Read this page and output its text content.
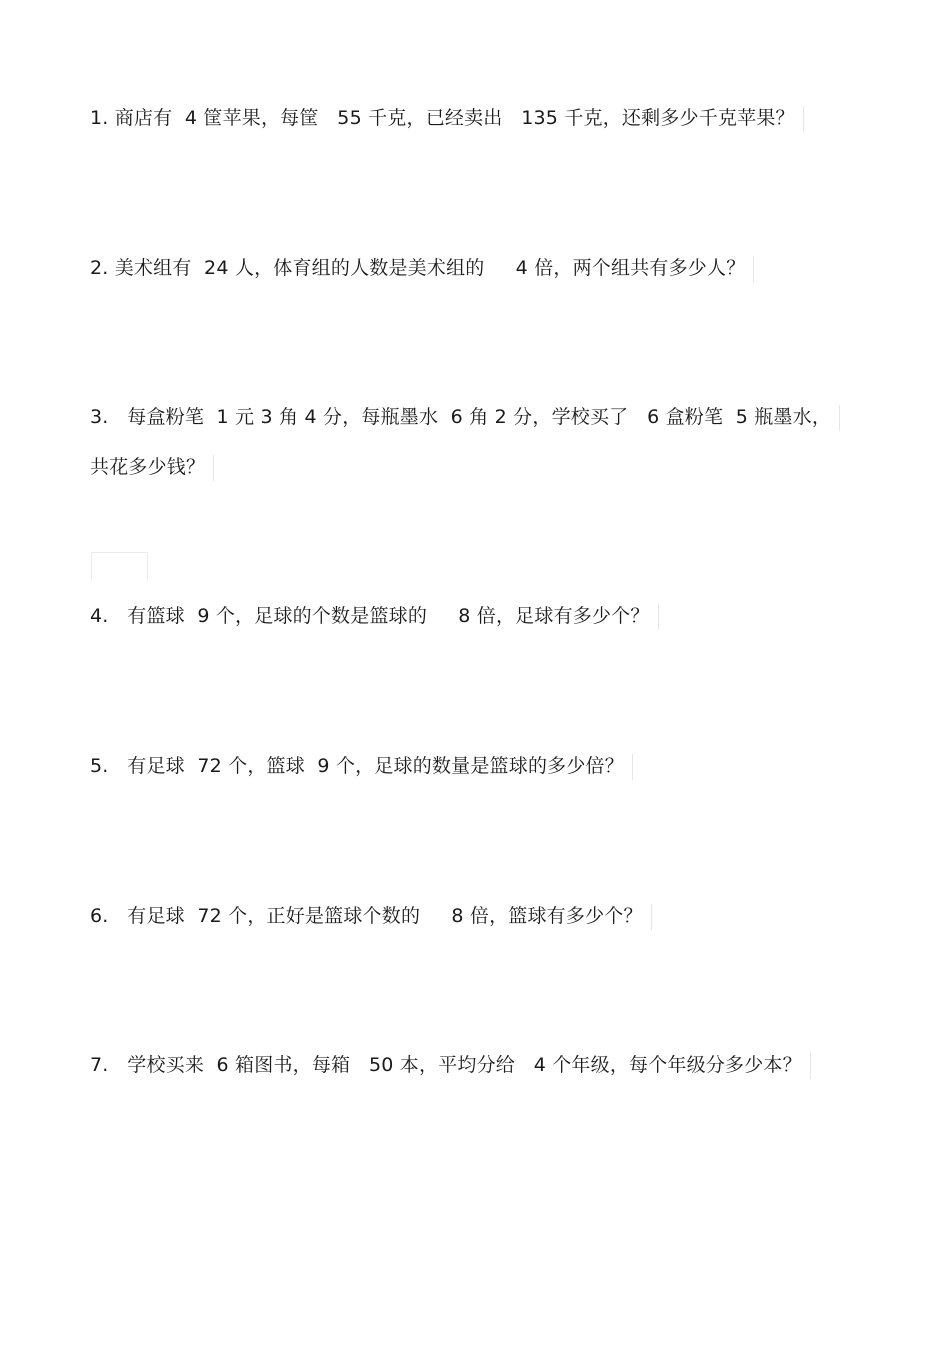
1. 商店有  4 筐苹果，每筐   55 千克，已经卖出   135 千克，还剩多少千克苹果？
2. 美术组有  24 人，体育组的人数是美术组的     4 倍，两个组共有多少人？
3.   每盒粉笔  1 元 3 角 4 分，每瓶墨水  6 角 2 分，学校买了   6 盒粉笔  5 瓶墨水，
共花多少钱？
4.   有篮球  9 个，足球的个数是篮球的     8 倍，足球有多少个？
5.   有足球  72 个，篮球  9 个，足球的数量是篮球的多少倍？
6.   有足球  72 个，正好是篮球个数的     8 倍，篮球有多少个？
7.   学校买来  6 箱图书，每箱   50 本，平均分给   4 个年级，每个年级分多少本？
